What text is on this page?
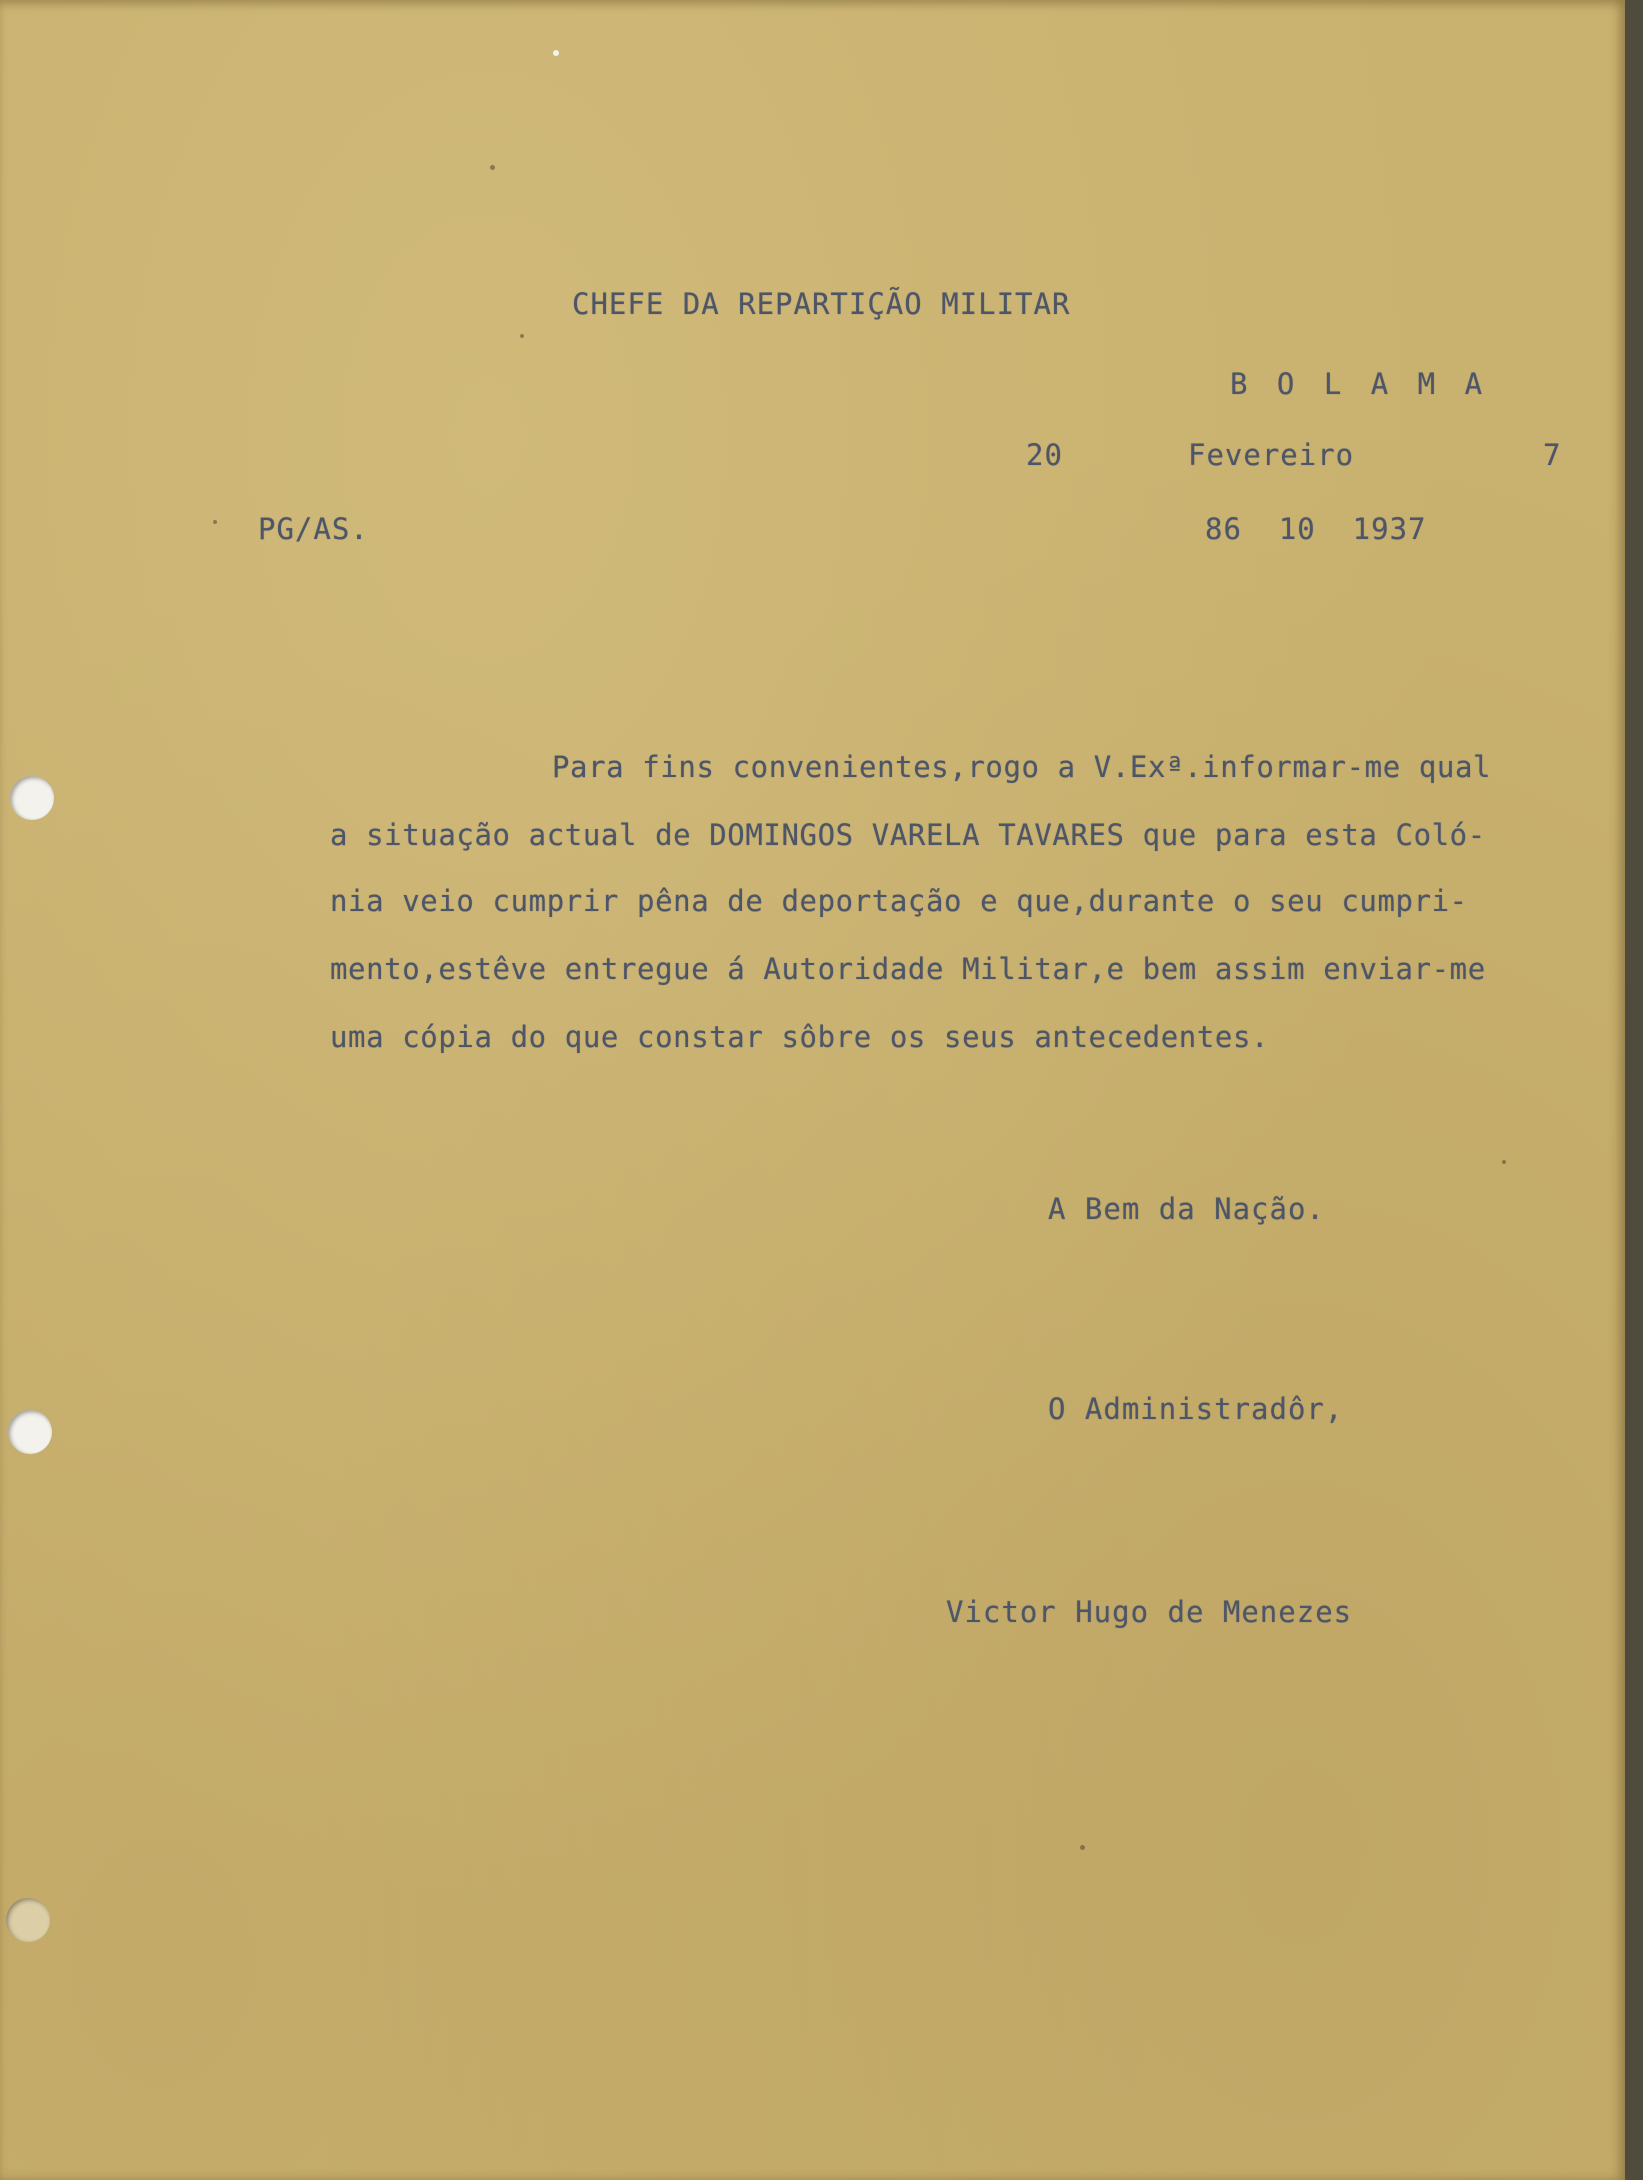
CHEFE DA REPARTIÇÃO MILITAR

B O L A M A

20	Fevereiro	7

PG/AS.	86  10  1937

Para fins convenientes,rogo a V.Exª.informar-me qual

a situação actual de DOMINGOS VARELA TAVARES que para esta Coló-

nia veio cumprir pêna de deportação e que,durante o seu cumpri-

mento,estêve entregue á Autoridade Militar,e bem assim enviar-me

uma cópia do que constar sôbre os seus antecedentes.

A Bem da Nação.

O Administradôr,

Victor Hugo de Menezes
